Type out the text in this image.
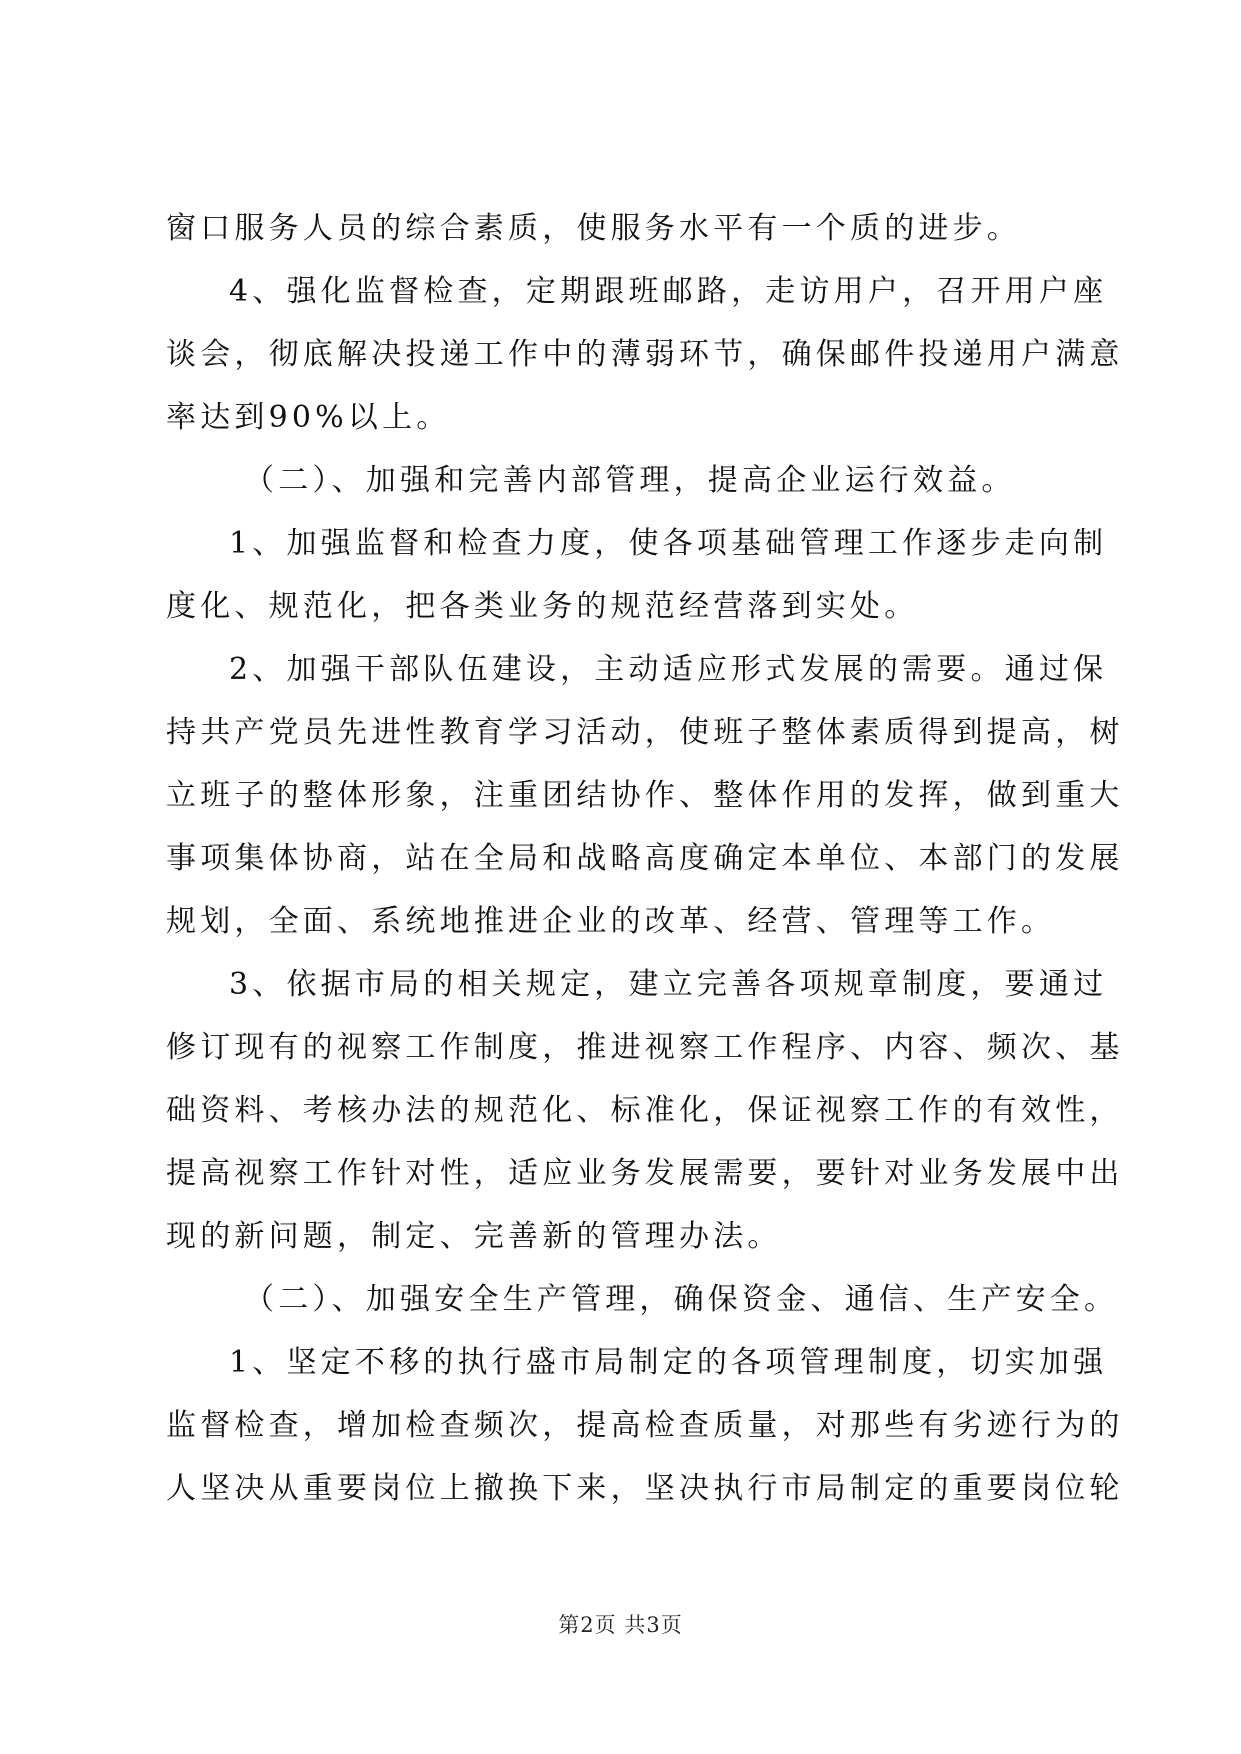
窗口服务人员的综合素质，使服务水平有一个质的进步。
4、强化监督检查，定期跟班邮路，走访用户，召开用户座
谈会，彻底解决投递工作中的薄弱环节，确保邮件投递用户满意
率达到90%以上。
（二）、加强和完善内部管理，提高企业运行效益。
1、加强监督和检查力度，使各项基础管理工作逐步走向制
度化、规范化，把各类业务的规范经营落到实处。
2、加强干部队伍建设，主动适应形式发展的需要。通过保
持共产党员先进性教育学习活动，使班子整体素质得到提高，树
立班子的整体形象，注重团结协作、整体作用的发挥，做到重大
事项集体协商，站在全局和战略高度确定本单位、本部门的发展
规划，全面、系统地推进企业的改革、经营、管理等工作。
3、依据市局的相关规定，建立完善各项规章制度，要通过
修订现有的视察工作制度，推进视察工作程序、内容、频次、基
础资料、考核办法的规范化、标准化，保证视察工作的有效性，
提高视察工作针对性，适应业务发展需要，要针对业务发展中出
现的新问题，制定、完善新的管理办法。
（二）、加强安全生产管理，确保资金、通信、生产安全。
1、坚定不移的执行盛市局制定的各项管理制度，切实加强
监督检查，增加检查频次，提高检查质量，对那些有劣迹行为的
人坚决从重要岗位上撤换下来，坚决执行市局制定的重要岗位轮
第2页 共3页
